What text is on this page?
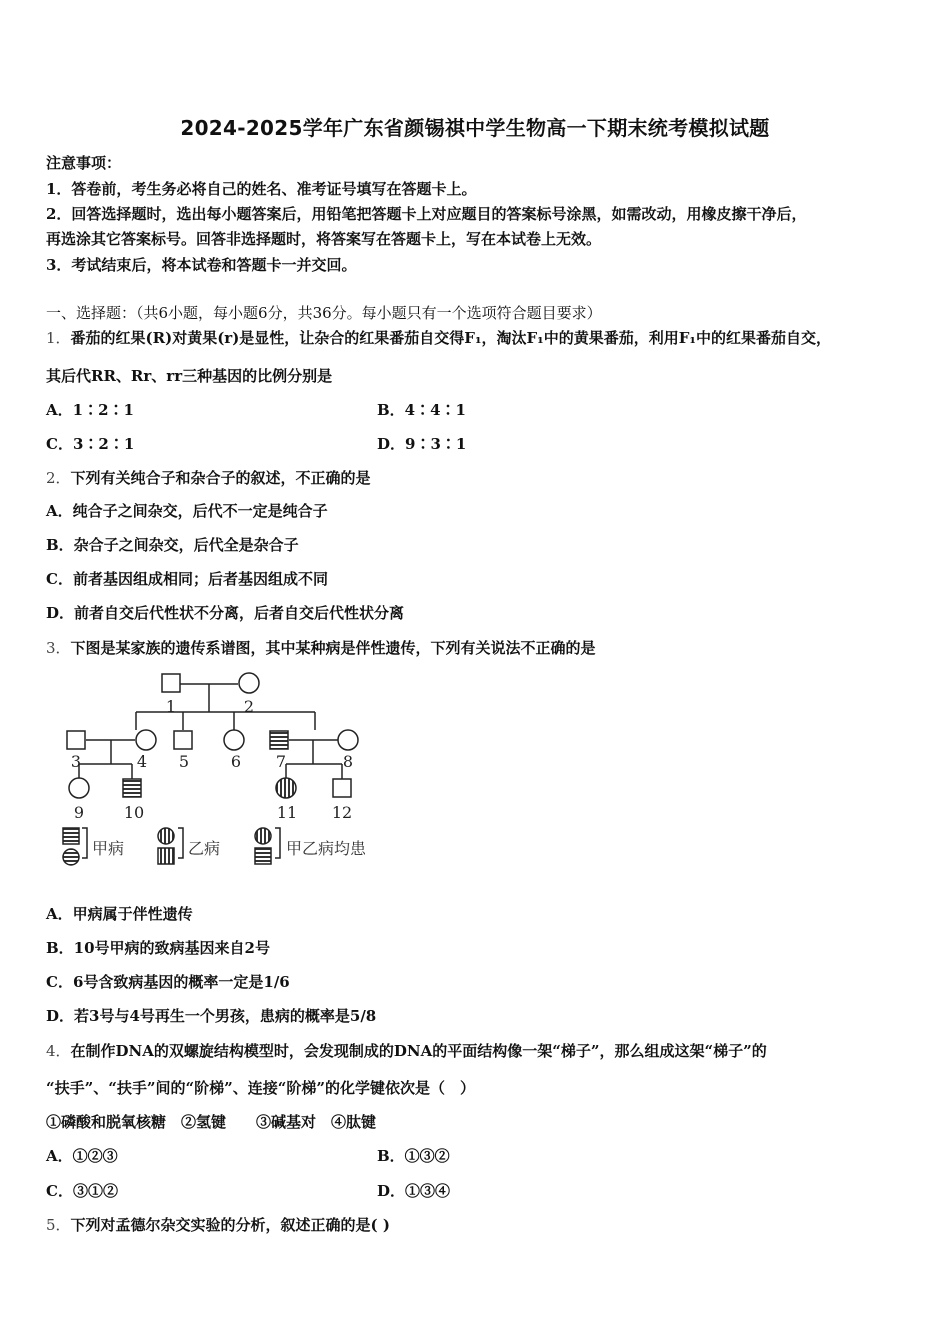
2024-2025学年广东省颜锡祺中学生物高一下期末统考模拟试题
注意事项：
1．答卷前，考生务必将自己的姓名、准考证号填写在答题卡上。
2．回答选择题时，选出每小题答案后，用铅笔把答题卡上对应题目的答案标号涂黑，如需改动，用橡皮擦干净后，
再选涂其它答案标号。回答非选择题时，将答案写在答题卡上，写在本试卷上无效。
3．考试结束后，将本试卷和答题卡一并交回。
一、选择题：（共6小题，每小题6分，共36分。每小题只有一个选项符合题目要求）
1．番茄的红果(R)对黄果(r)是显性，让杂合的红果番茄自交得F₁，淘汰F₁中的黄果番茄，利用F₁中的红果番茄自交，
其后代RR、Rr、rr三种基因的比例分别是
A．1∶2∶1	B．4∶4∶1
C．3∶2∶1	D．9∶3∶1
2．下列有关纯合子和杂合子的叙述，不正确的是
A．纯合子之间杂交，后代不一定是纯合子
B．杂合子之间杂交，后代全是杂合子
C．前者基因组成相同；后者基因组成不同
D．前者自交后代性状不分离，后者自交后代性状分离
3．下图是某家族的遗传系谱图，其中某种病是伴性遗传，下列有关说法不正确的是
1	2
3	4 5	6 7	8
9 10	11 12
甲病	乙病	甲乙病均患
A．甲病属于伴性遗传
B．10号甲病的致病基因来自2号
C．6号含致病基因的概率一定是1/6
D．若3号与4号再生一个男孩，患病的概率是5/8
4．在制作DNA的双螺旋结构模型时，会发现制成的DNA的平面结构像一架“梯子”，那么组成这架“梯子”的
“扶手”、“扶手”间的“阶梯”、连接“阶梯”的化学键依次是（　）
①磷酸和脱氧核糖　②氢键　　③碱基对　④肽键
A．①②③	B．①③②
C．③①②	D．①③④
5．下列对孟德尔杂交实验的分析，叙述正确的是( )
